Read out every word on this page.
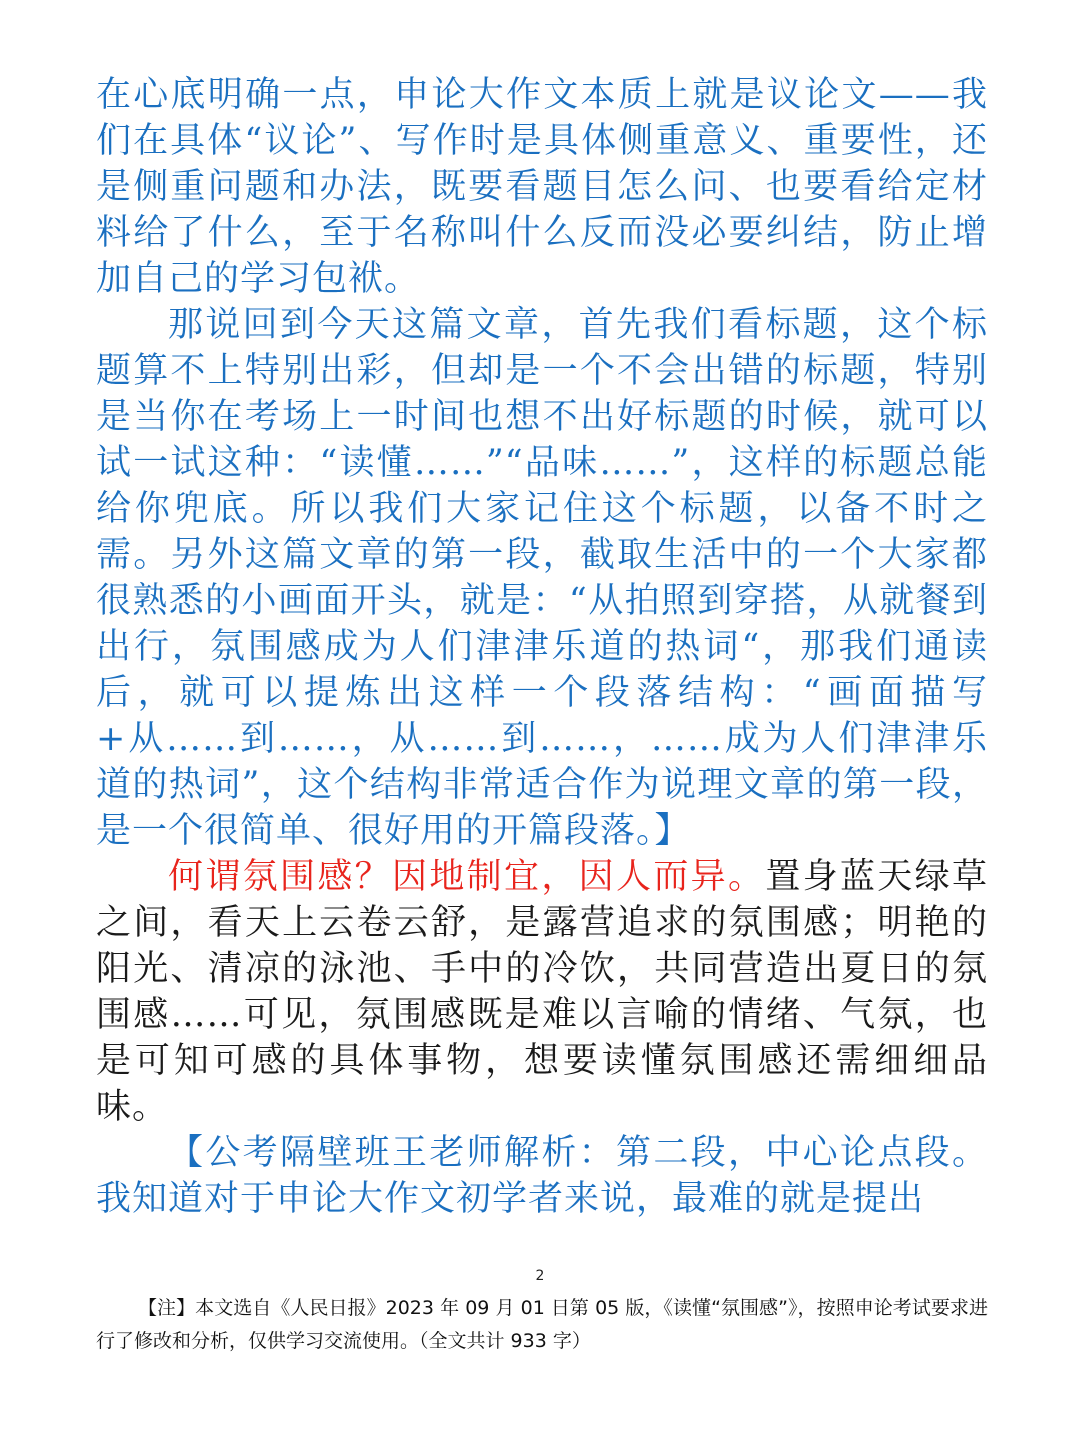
在心底明确一点，申论大作文本质上就是议论文——我们在具体“议论”、写作时是具体侧重意义、重要性，还是侧重问题和办法，既要看题目怎么问、也要看给定材料给了什么，至于名称叫什么反而没必要纠结，防止增加自己的学习包袱。

那说回到今天这篇文章，首先我们看标题，这个标题算不上特别出彩，但却是一个不会出错的标题，特别是当你在考场上一时间也想不出好标题的时候，就可以试一试这种：“读懂……”“品味……”，这样的标题总能给你兜底。所以我们大家记住这个标题，以备不时之需。另外这篇文章的第一段，截取生活中的一个大家都很熟悉的小画面开头，就是：“从拍照到穿搭，从就餐到出行，氛围感成为人们津津乐道的热词“，那我们通读后，就可以提炼出这样一个段落结构：“画面描写+从……到……，从……到……，……成为人们津津乐道的热词”，这个结构非常适合作为说理文章的第一段，是一个很简单、很好用的开篇段落。】

何谓氛围感？因地制宜，因人而异。置身蓝天绿草之间，看天上云卷云舒，是露营追求的氛围感；明艳的阳光、清凉的泳池、手中的冷饮，共同营造出夏日的氛围感……可见，氛围感既是难以言喻的情绪、气氛，也是可知可感的具体事物，想要读懂氛围感还需细细品味。

【公考隔壁班王老师解析：第二段，中心论点段。我知道对于申论大作文初学者来说，最难的就是提出

2

【注】本文选自《人民日报》2023 年 09 月 01 日第 05 版，《读懂“氛围感”》，按照申论考试要求进行了修改和分析，仅供学习交流使用。（全文共计 933 字）
